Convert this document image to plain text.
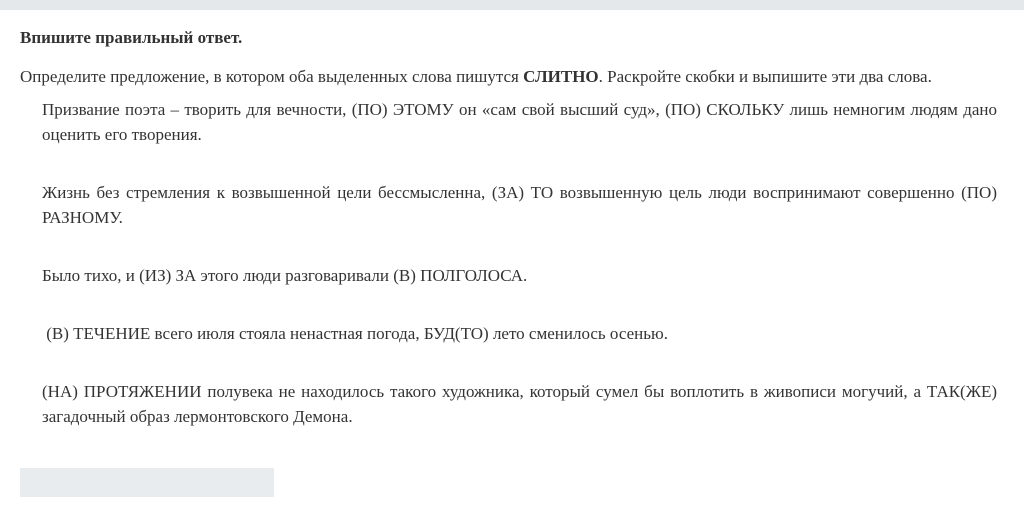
Впишите правильный ответ.
Определите предложение, в котором оба выделенных слова пишутся СЛИТНО. Раскройте скобки и выпишите эти два слова.

Призвание поэта – творить для вечности, (ПО) ЭТОМУ он «сам свой высший суд», (ПО) СКОЛЬКУ лишь немногим людям дано оценить его творения.

Жизнь без стремления к возвышенной цели бессмысленна, (ЗА) ТО возвышенную цель люди воспринимают совершенно (ПО) РАЗНОМУ.

Было тихо, и (ИЗ) ЗА этого люди разговаривали (В) ПОЛГОЛОСА.

(В) ТЕЧЕНИЕ всего июля стояла ненастная погода, БУД(ТО) лето сменилось осенью.

(НА) ПРОТЯЖЕНИИ полувека не находилось такого художника, который сумел бы воплотить в живописи могучий, а ТАК(ЖЕ) загадочный образ лермонтовского Демона.
